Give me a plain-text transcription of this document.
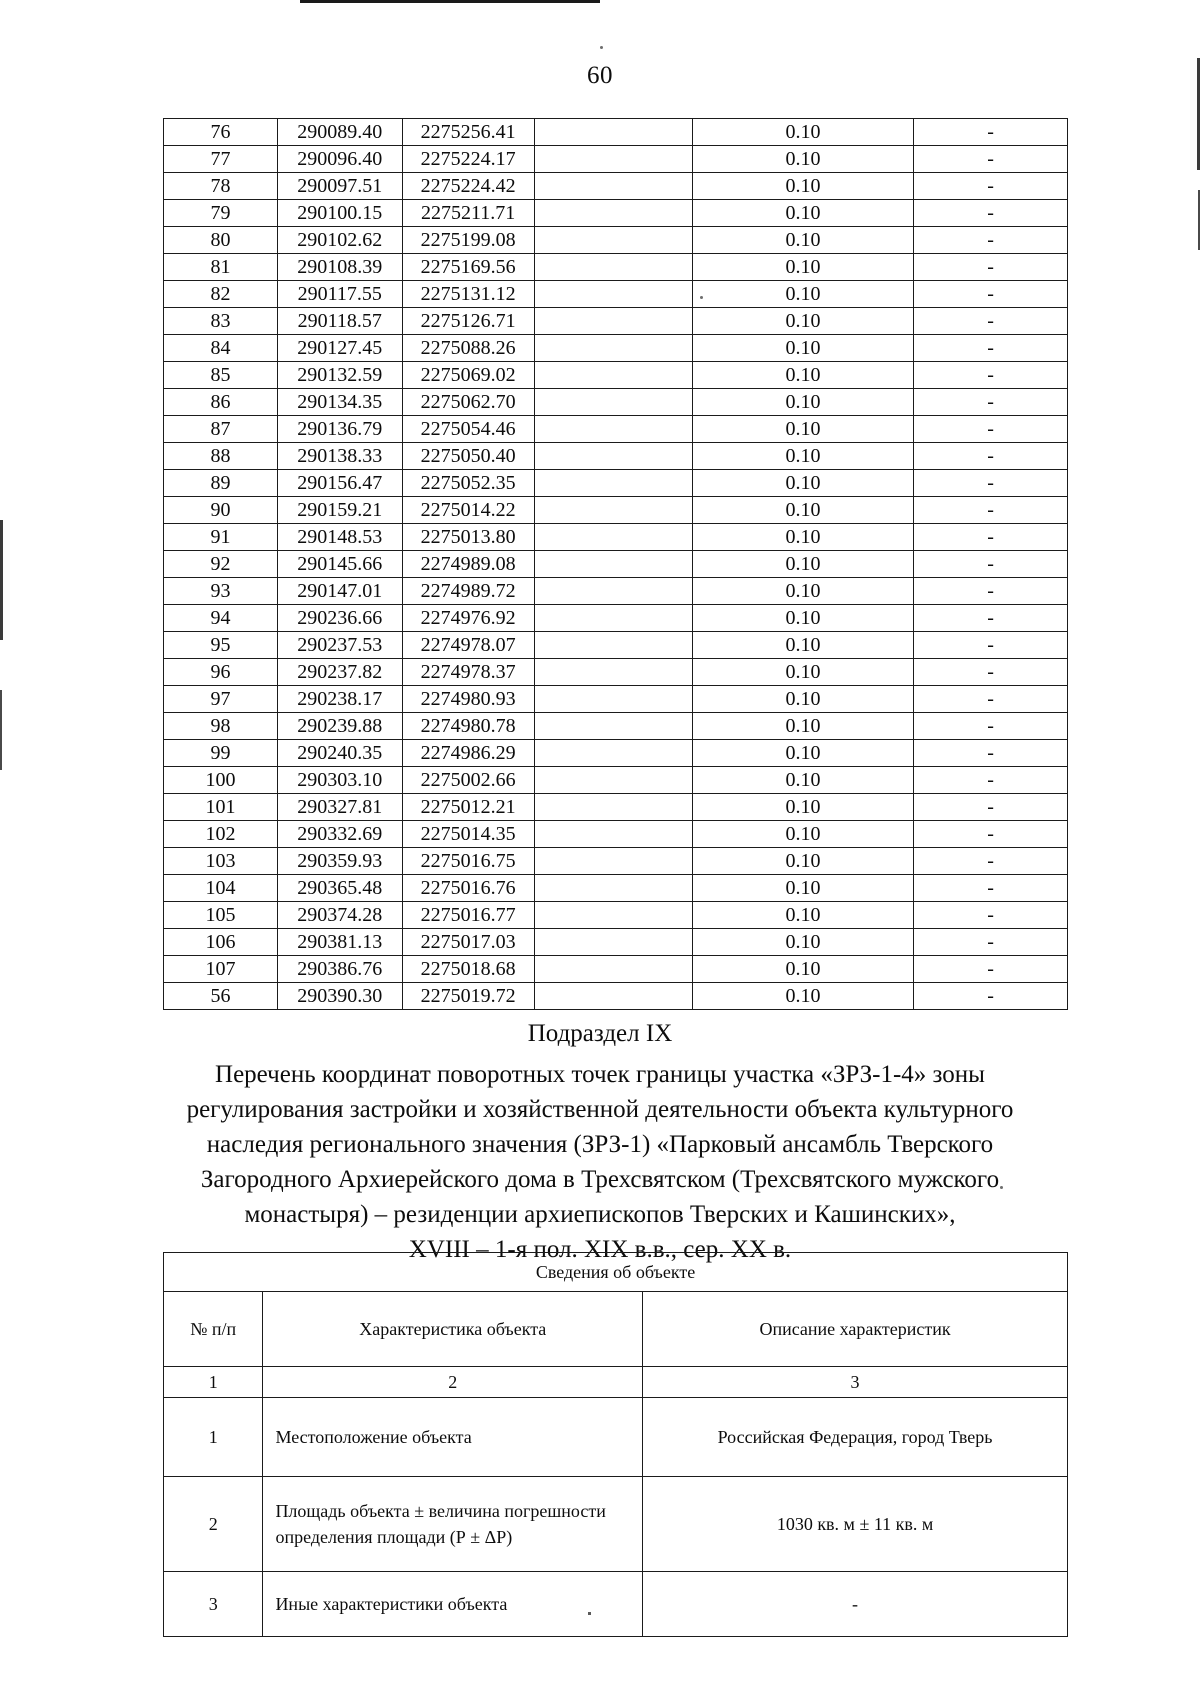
60
76	290089.40	2275256.41		0.10	-
77	290096.40	2275224.17		0.10	-
78	290097.51	2275224.42		0.10	-
79	290100.15	2275211.71		0.10	-
80	290102.62	2275199.08		0.10	-
81	290108.39	2275169.56		0.10	-
82	290117.55	2275131.12		0.10	-
83	290118.57	2275126.71		0.10	-
84	290127.45	2275088.26		0.10	-
85	290132.59	2275069.02		0.10	-
86	290134.35	2275062.70		0.10	-
87	290136.79	2275054.46		0.10	-
88	290138.33	2275050.40		0.10	-
89	290156.47	2275052.35		0.10	-
90	290159.21	2275014.22		0.10	-
91	290148.53	2275013.80		0.10	-
92	290145.66	2274989.08		0.10	-
93	290147.01	2274989.72		0.10	-
94	290236.66	2274976.92		0.10	-
95	290237.53	2274978.07		0.10	-
96	290237.82	2274978.37		0.10	-
97	290238.17	2274980.93		0.10	-
98	290239.88	2274980.78		0.10	-
99	290240.35	2274986.29		0.10	-
100	290303.10	2275002.66		0.10	-
101	290327.81	2275012.21		0.10	-
102	290332.69	2275014.35		0.10	-
103	290359.93	2275016.75		0.10	-
104	290365.48	2275016.76		0.10	-
105	290374.28	2275016.77		0.10	-
106	290381.13	2275017.03		0.10	-
107	290386.76	2275018.68		0.10	-
56	290390.30	2275019.72		0.10	-
Подраздел IX
Перечень координат поворотных точек границы участка «ЗРЗ-1-4» зоны
регулирования застройки и хозяйственной деятельности объекта культурного
наследия регионального значения (ЗРЗ-1) «Парковый ансамбль Тверского
Загородного Архиерейского дома в Трехсвятском (Трехсвятского мужского
монастыря) – резиденции архиепископов Тверских и Кашинских»,
XVIII – 1-я пол. XIX в.в., сер. XX в.
Сведения об объекте		
№ п/п	Характеристика объекта	Описание характеристик
1	2	3
1	Местоположение объекта	Российская Федерация, город Тверь
2	Площадь объекта ± величина погрешности определения площади (Р ± ΔР)	1030 кв. м ± 11 кв. м
3	Иные характеристики объекта	-
